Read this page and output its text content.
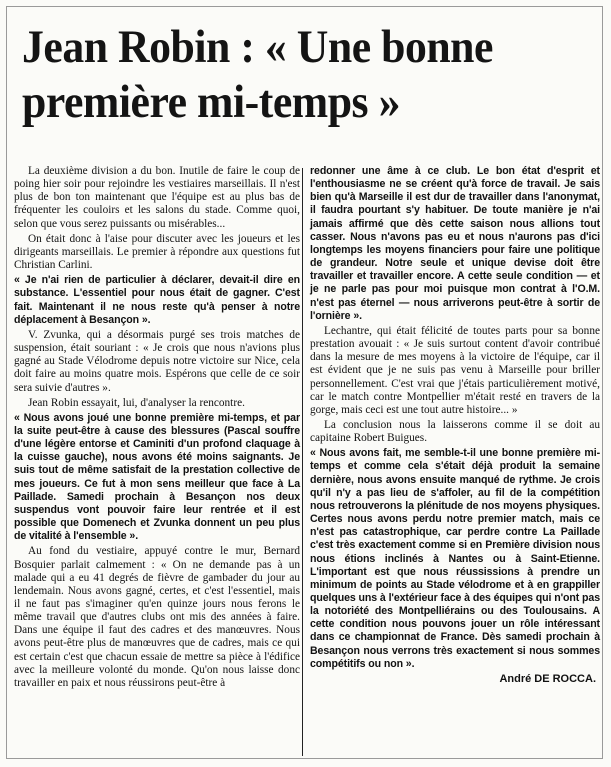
Jean Robin : « Une bonne
première mi-temps »

La deuxième division a du bon. Inutile de faire le coup de poing hier soir pour rejoindre les vestiaires marseillais. Il n'est plus de bon ton maintenant que l'équipe est au plus bas de fréquenter les couloirs et les salons du stade. Comme quoi, selon que vous serez puissants ou misérables...

On était donc à l'aise pour discuter avec les joueurs et les dirigeants marseillais. Le premier à répondre aux questions fut Christian Carlini.

« Je n'ai rien de particulier à déclarer, devait-il dire en substance. L'essentiel pour nous était de gagner. C'est fait. Maintenant il ne nous reste qu'à penser à notre déplacement à Besançon ».

V. Zvunka, qui a désormais purgé ses trois matches de suspension, était souriant : « Je crois que nous n'avions plus gagné au Stade Vélodrome depuis notre victoire sur Nice, cela doit faire au moins quatre mois. Espérons que celle de ce soir sera suivie d'autres ».

Jean Robin essayait, lui, d'analyser la rencontre.

« Nous avons joué une bonne première mi-temps, et par la suite peut-être à cause des blessures (Pascal souffre d'une légère entorse et Caminiti d'un profond claquage à la cuisse gauche), nous avons été moins saignants. Je suis tout de même satisfait de la prestation collective de mes joueurs. Ce fut à mon sens meilleur que face à La Paillade. Samedi prochain à Besançon nos deux suspendus vont pouvoir faire leur rentrée et il est possible que Domenech et Zvunka donnent un peu plus de vitalité à l'ensemble ».

Au fond du vestiaire, appuyé contre le mur, Bernard Bosquier parlait calmement : « On ne demande pas à un malade qui a eu 41 degrés de fièvre de gambader du jour au lendemain. Nous avons gagné, certes, et c'est l'essentiel, mais il ne faut pas s'imaginer qu'en quinze jours nous ferons le même travail que d'autres clubs ont mis des années à faire. Dans une équipe il faut des cadres et des manœuvres. Nous avons peut-être plus de manœuvres que de cadres, mais ce qui est certain c'est que chacun essaie de mettre sa pièce à l'édifice avec la meilleure volonté du monde. Qu'on nous laisse donc travailler en paix et nous réussirons peut-être à

redonner une âme à ce club. Le bon état d'esprit et l'enthousiasme ne se créent qu'à force de travail. Je sais bien qu'à Marseille il est dur de travailler dans l'anonymat, il faudra pourtant s'y habituer. De toute manière je n'ai jamais affirmé que dès cette saison nous allions tout casser. Nous n'avons pas eu et nous n'aurons pas d'ici longtemps les moyens financiers pour faire une politique de grandeur. Notre seule et unique devise doit être travailler et travailler encore. A cette seule condition — et je ne parle pas pour moi puisque mon contrat à l'O.M. n'est pas éternel — nous arriverons peut-être à sortir de l'ornière ».

Lechantre, qui était félicité de toutes parts pour sa bonne prestation avouait : « Je suis surtout content d'avoir contribué dans la mesure de mes moyens à la victoire de l'équipe, car il est évident que je ne suis pas venu à Marseille pour briller personnellement. C'est vrai que j'étais particulièrement motivé, car le match contre Montpellier m'était resté en travers de la gorge, mais ceci est une tout autre histoire... »

La conclusion nous la laisserons comme il se doit au capitaine Robert Buigues.

« Nous avons fait, me semble-t-il une bonne première mi-temps et comme cela s'était déjà produit la semaine dernière, nous avons ensuite manqué de rythme. Je crois qu'il n'y a pas lieu de s'affoler, au fil de la compétition nous retrouverons la plénitude de nos moyens physiques. Certes nous avons perdu notre premier match, mais ce n'est pas catastrophique, car perdre contre La Paillade c'est très exactement comme si en Première division nous nous étions inclinés à Nantes ou à Saint-Etienne. L'important est que nous réussissions à prendre un minimum de points au Stade vélodrome et à en grappiller quelques uns à l'extérieur face à des équipes qui n'ont pas la notoriété des Montpelliérains ou des Toulousains. A cette condition nous pouvons jouer un rôle intéressant dans ce championnat de France. Dès samedi prochain à Besançon nous verrons très exactement si nous sommes compétitifs ou non ».

André DE ROCCA.
